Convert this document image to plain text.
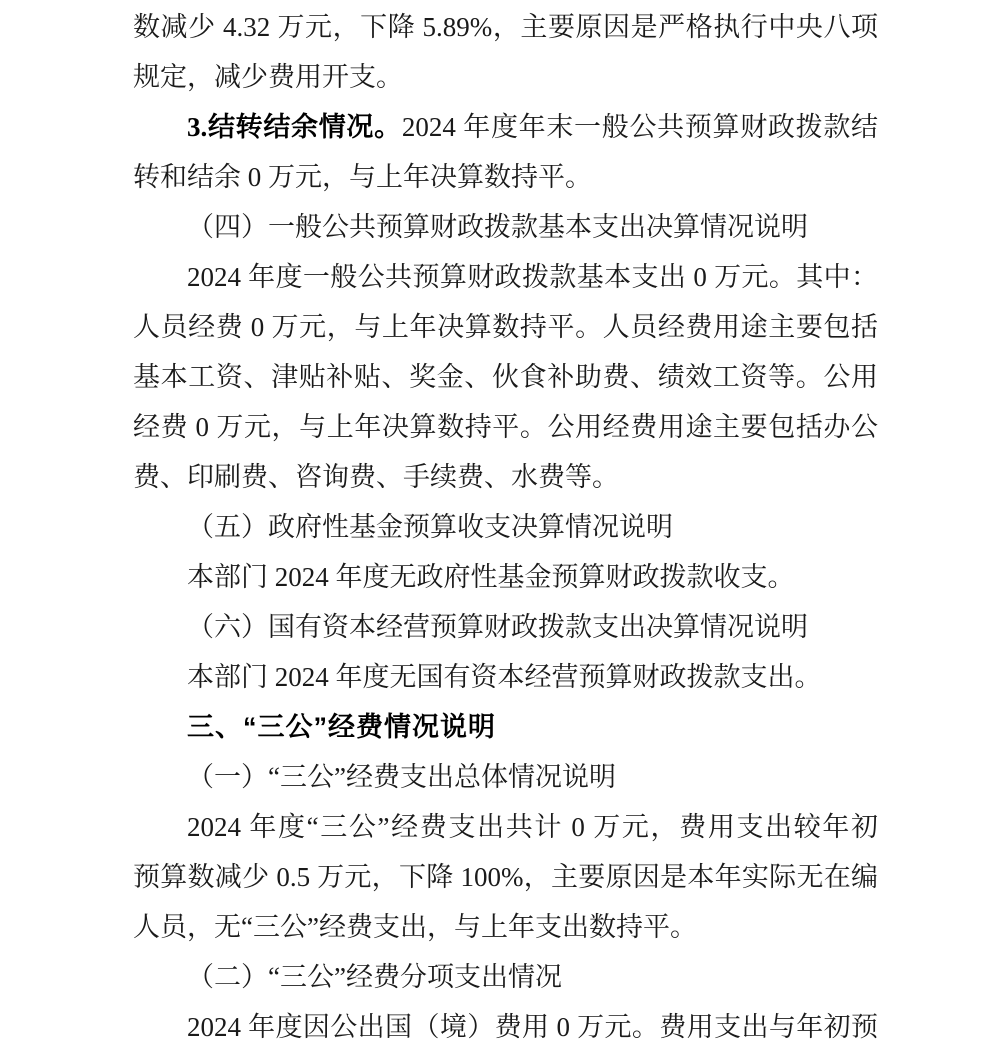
数减少 4.32 万元，下降 5.89%，主要原因是严格执行中央八项
规定，减少费用开支。
3.结转结余情况。2024 年度年末一般公共预算财政拨款结
转和结余 0 万元，与上年决算数持平。
（四）一般公共预算财政拨款基本支出决算情况说明
2024 年度一般公共预算财政拨款基本支出 0 万元。其中：
人员经费 0 万元，与上年决算数持平。人员经费用途主要包括
基本工资、津贴补贴、奖金、伙食补助费、绩效工资等。公用
经费 0 万元，与上年决算数持平。公用经费用途主要包括办公
费、印刷费、咨询费、手续费、水费等。
（五）政府性基金预算收支决算情况说明
本部门 2024 年度无政府性基金预算财政拨款收支。
（六）国有资本经营预算财政拨款支出决算情况说明
本部门 2024 年度无国有资本经营预算财政拨款支出。
三、“三公”经费情况说明
（一）“三公”经费支出总体情况说明
2024 年度“三公”经费支出共计 0 万元，费用支出较年初
预算数减少 0.5 万元，下降 100%，主要原因是本年实际无在编
人员，无“三公”经费支出，与上年支出数持平。
（二）“三公”经费分项支出情况
2024 年度因公出国（境）费用 0 万元。费用支出与年初预
